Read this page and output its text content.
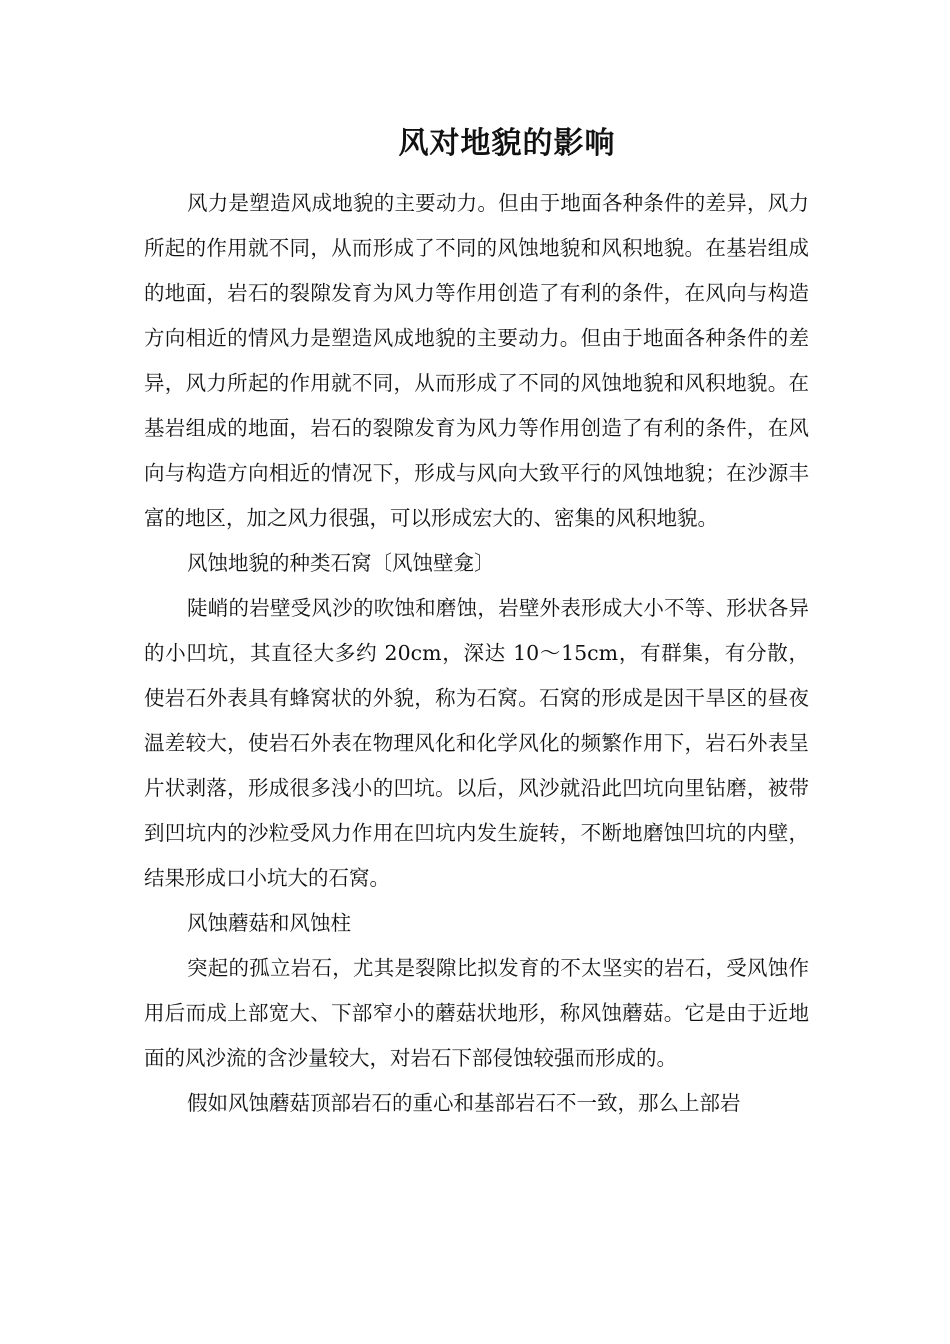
风对地貌的影响

风力是塑造风成地貌的主要动力。但由于地面各种条件的差异，风力所起的作用就不同，从而形成了不同的风蚀地貌和风积地貌。在基岩组成的地面，岩石的裂隙发育为风力等作用创造了有利的条件，在风向与构造方向相近的情风力是塑造风成地貌的主要动力。但由于地面各种条件的差异，风力所起的作用就不同，从而形成了不同的风蚀地貌和风积地貌。在基岩组成的地面，岩石的裂隙发育为风力等作用创造了有利的条件，在风向与构造方向相近的情况下，形成与风向大致平行的风蚀地貌；在沙源丰富的地区，加之风力很强，可以形成宏大的、密集的风积地貌。

风蚀地貌的种类石窝〔风蚀壁龛〕

陡峭的岩壁受风沙的吹蚀和磨蚀，岩壁外表形成大小不等、形状各异的小凹坑，其直径大多约 20cm，深达 10～15cm，有群集，有分散，使岩石外表具有蜂窝状的外貌，称为石窝。石窝的形成是因干旱区的昼夜温差较大，使岩石外表在物理风化和化学风化的频繁作用下，岩石外表呈片状剥落，形成很多浅小的凹坑。以后，风沙就沿此凹坑向里钻磨，被带到凹坑内的沙粒受风力作用在凹坑内发生旋转，不断地磨蚀凹坑的内壁，结果形成口小坑大的石窝。

风蚀蘑菇和风蚀柱

突起的孤立岩石，尤其是裂隙比拟发育的不太坚实的岩石，受风蚀作用后而成上部宽大、下部窄小的蘑菇状地形，称风蚀蘑菇。它是由于近地面的风沙流的含沙量较大，对岩石下部侵蚀较强而形成的。

假如风蚀蘑菇顶部岩石的重心和基部岩石不一致，那么上部岩
